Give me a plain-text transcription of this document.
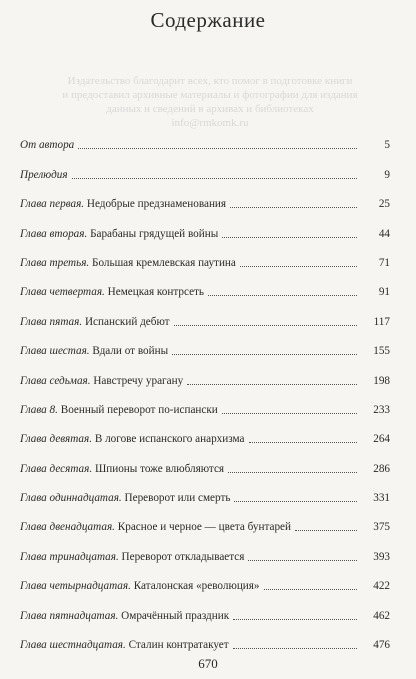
Издательство благодарит всех, кто помог в подготовке книги
и предоставил архивные материалы и фотографии для издания
данных и сведений в архивах и библиотеках
info@rmkomk.ru
Содержание
От автора	5
Прелюдия	9
Глава первая. Недобрые предзнаменования	25
Глава вторая. Барабаны грядущей войны	44
Глава третья. Большая кремлевская паутина	71
Глава четвертая. Немецкая контрсеть	91
Глава пятая. Испанский дебют	117
Глава шестая. Вдали от войны	155
Глава седьмая. Навстречу урагану	198
Глава 8. Военный переворот по-испански	233
Глава девятая. В логове испанского анархизма	264
Глава десятая. Шпионы тоже влюбляются	286
Глава одиннадцатая. Переворот или смерть	331
Глава двенадцатая. Красное и черное — цвета бунтарей	375
Глава тринадцатая. Переворот откладывается	393
Глава четырнадцатая. Каталонская «революция»	422
Глава пятнадцатая. Омрачённый праздник	462
Глава шестнадцатая. Сталин контратакует	476
670
